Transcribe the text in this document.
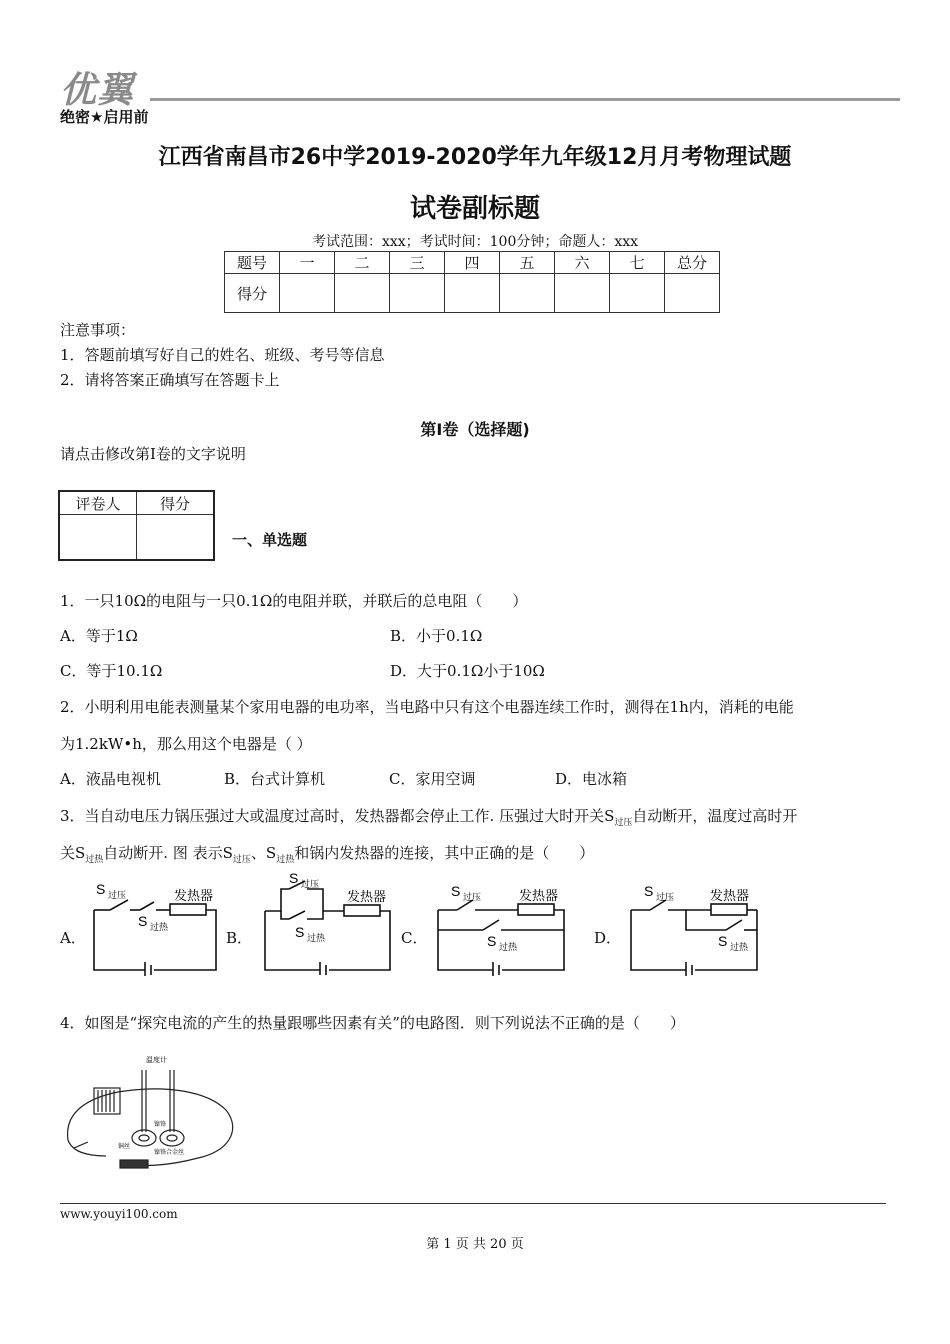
优翼
绝密★启用前
江西省南昌市26中学2019-2020学年九年级12月月考物理试题
试卷副标题
考试范围：xxx；考试时间：100分钟；命题人：xxx
题号	一	二	三	四	五	六	七	总分
得分								
注意事项：
1．答题前填写好自己的姓名、班级、考号等信息
2．请将答案正确填写在答题卡上
第I卷（选择题)
请点击修改第I卷的文字说明
评卷人	得分

一、单选题
1．一只10Ω的电阻与一只0.1Ω的电阻并联，并联后的总电阻（　　）
A．等于1Ω	B．小于0.1Ω
C．等于10.1Ω	D．大于0.1Ω小于10Ω
2．小明利用电能表测量某个家用电器的电功率，当电路中只有这个电器连续工作时，测得在1h内，消耗的电能
为1.2kW•h，那么用这个电器是（ ）
A．液晶电视机	B．台式计算机	C．家用空调	D．电冰箱
3．当自动电压力锅压强过大或温度过高时，发热器都会停止工作. 压强过大时开关$S_{过压}$自动断开，温度过高时开
关$S_{过热}$自动断开. 图 表示$S_{过压}$、$S_{过热}$和锅内发热器的连接，其中正确的是（　　）
A．	B．	C．	D．
S 过压	发热器
S 过热
S 过压
发热器
S 过热
S 过压	发热器
S 过热
S 过压	发热器
S 过热
4．如图是“探究电流的产生的热量跟哪些因素有关”的电路图．则下列说法不正确的是（　　）
温度计
镍铬
铜丝
镍铬合金丝
www.youyi100.com
第 1 页 共 20 页
